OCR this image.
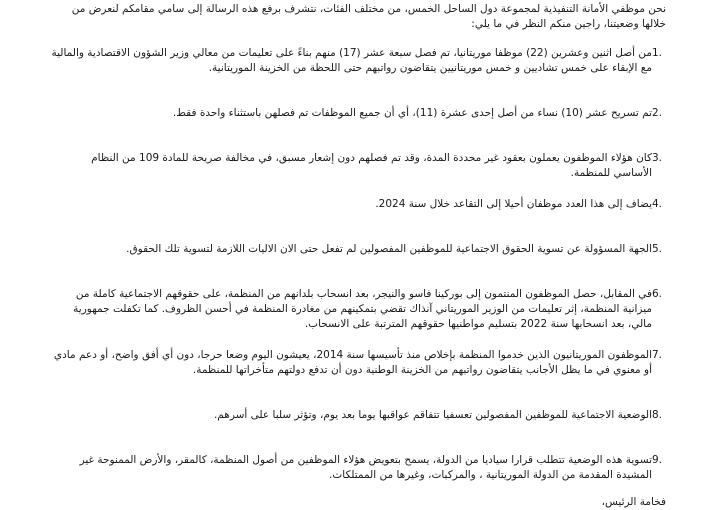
نحن موظفي الأمانة التنفيذية لمجموعة دول الساحل الخمس، من مختلف الفئات، نتشرف برفع هذه الرسالة إلى سامي مقامكم لنعرض من خلالها وضعيتنا، راجين منكم النظر في ما يلي:

1.
من أصل اثنين وعشرين (22) موظفا موريتانيا، تم فصل سبعة عشر (17) منهم بناءً على تعليمات من معالي وزير الشؤون الاقتصادية والمالية مع الإبقاء على خمس تشاديين و خمس موريتانيين يتقاضون رواتبهم حتى اللحظة من الخزينة الموريتانية.
2.
تم تسريح عشر (10) نساء من أصل إحدى عشرة (11)، أي أن جميع الموظفات تم فصلهن باستثناء واحدة فقط.
3.
كان هؤلاء الموظفون يعملون بعقود غير محددة المدة، وقد تم فصلهم دون إشعار مسبق، في مخالفة صريحة للمادة 109 من النظام الأساسي للمنظمة.
4.
يضاف إلى هذا العدد موظفان أحيلا إلى التقاعد خلال سنة 2024.
5.
الجهة المسؤولة عن تسوية الحقوق الاجتماعية للموظفين المفصولين لم تفعل حتى الان الاليات اللازمة لتسوية تلك الحقوق.
6.
في المقابل، حصل الموظفون المنتمون إلى بوركينا فاسو والنيجر، بعد انسحاب بلدانهم من المنظمة، على حقوقهم الاجتماعية كاملة من ميزانية المنظمة، إثر تعليمات من الوزير الموريتاني آنذاك تقضي بتمكينهم من مغادرة المنظمة في أحسن الظروف. كما تكفلت جمهورية مالي، بعد انسحابها سنة 2022 بتسليم مواطنيها حقوقهم المترتبة على الانسحاب.
7.
الموظفون الموريتانيون الذين خدموا المنظمة بإخلاص منذ تأسيسها سنة 2014، يعيشون اليوم وضعا حرجا، دون أي أفق واضح، أو دعم مادي أو معنوي في ما يظل الأجانب يتقاضون رواتبهم من الخزينة الوطنية دون أن تدفع دولتهم متأخراتها للمنظمة.
8.
الوضعية الاجتماعية للموظفين المفصولين تعسفيا تتفاقم عواقبها يوما بعد يوم، وتؤثر سلبا على أسرهم.
9.
تسوية هذه الوضعية تتطلب قرارا سياديا من الدولة، يسمح بتعويض هؤلاء الموظفين من أصول المنظمة، كالمقر، والأرض الممنوحة غير المشيدة المقدمة من الدولة الموريتانية ، والمركبات، وغيرها من الممتلكات.

فخامة الرئيس،
